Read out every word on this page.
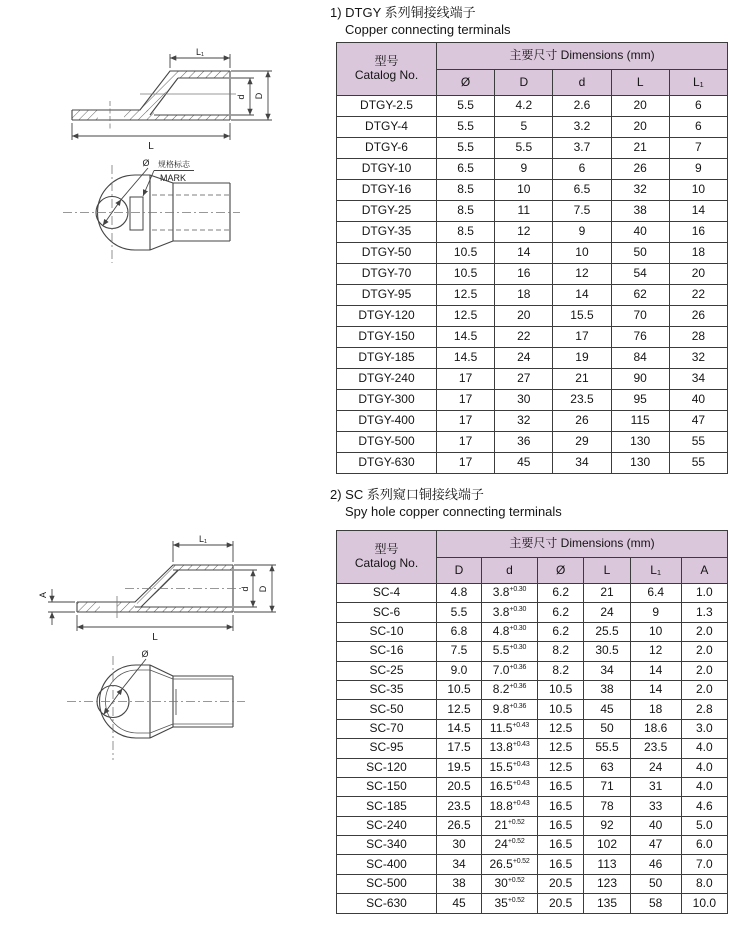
1) DTGY 系列铜接线端子
Copper connecting terminals
L₁
d D
L
Ø 规格标志
MARK
型号
Catalog No.	主要尺寸 Dimensions (mm)				
	Ø	D	d	L	L₁
DTGY-2.5	5.5	4.2	2.6	20	6
DTGY-4	5.5	5	3.2	20	6
DTGY-6	5.5	5.5	3.7	21	7
DTGY-10	6.5	9	6	26	9
DTGY-16	8.5	10	6.5	32	10
DTGY-25	8.5	11	7.5	38	14
DTGY-35	8.5	12	9	40	16
DTGY-50	10.5	14	10	50	18
DTGY-70	10.5	16	12	54	20
DTGY-95	12.5	18	14	62	22
DTGY-120	12.5	20	15.5	70	26
DTGY-150	14.5	22	17	76	28
DTGY-185	14.5	24	19	84	32
DTGY-240	17	27	21	90	34
DTGY-300	17	30	23.5	95	40
DTGY-400	17	32	26	115	47
DTGY-500	17	36	29	130	55
DTGY-630	17	45	34	130	55
2) SC 系列窥口铜接线端子
Spy hole copper connecting terminals
L₁
d D
L
A
Ø
型号
Catalog No.	主要尺寸 Dimensions (mm)					
	D	d	Ø	L	L₁	A
SC-4	4.8	$3.8^{+0.30}$	6.2	21	6.4	1.0
SC-6	5.5	$3.8^{+0.30}$	6.2	24	9	1.3
SC-10	6.8	$4.8^{+0.30}$	6.2	25.5	10	2.0
SC-16	7.5	$5.5^{+0.30}$	8.2	30.5	12	2.0
SC-25	9.0	$7.0^{+0.36}$	8.2	34	14	2.0
SC-35	10.5	$8.2^{+0.36}$	10.5	38	14	2.0
SC-50	12.5	$9.8^{+0.36}$	10.5	45	18	2.8
SC-70	14.5	$11.5^{+0.43}$	12.5	50	18.6	3.0
SC-95	17.5	$13.8^{+0.43}$	12.5	55.5	23.5	4.0
SC-120	19.5	$15.5^{+0.43}$	12.5	63	24	4.0
SC-150	20.5	$16.5^{+0.43}$	16.5	71	31	4.0
SC-185	23.5	$18.8^{+0.43}$	16.5	78	33	4.6
SC-240	26.5	$21^{+0.52}$	16.5	92	40	5.0
SC-340	30	$24^{+0.52}$	16.5	102	47	6.0
SC-400	34	$26.5^{+0.52}$	16.5	113	46	7.0
SC-500	38	$30^{+0.52}$	20.5	123	50	8.0
SC-630	45	$35^{+0.52}$	20.5	135	58	10.0
